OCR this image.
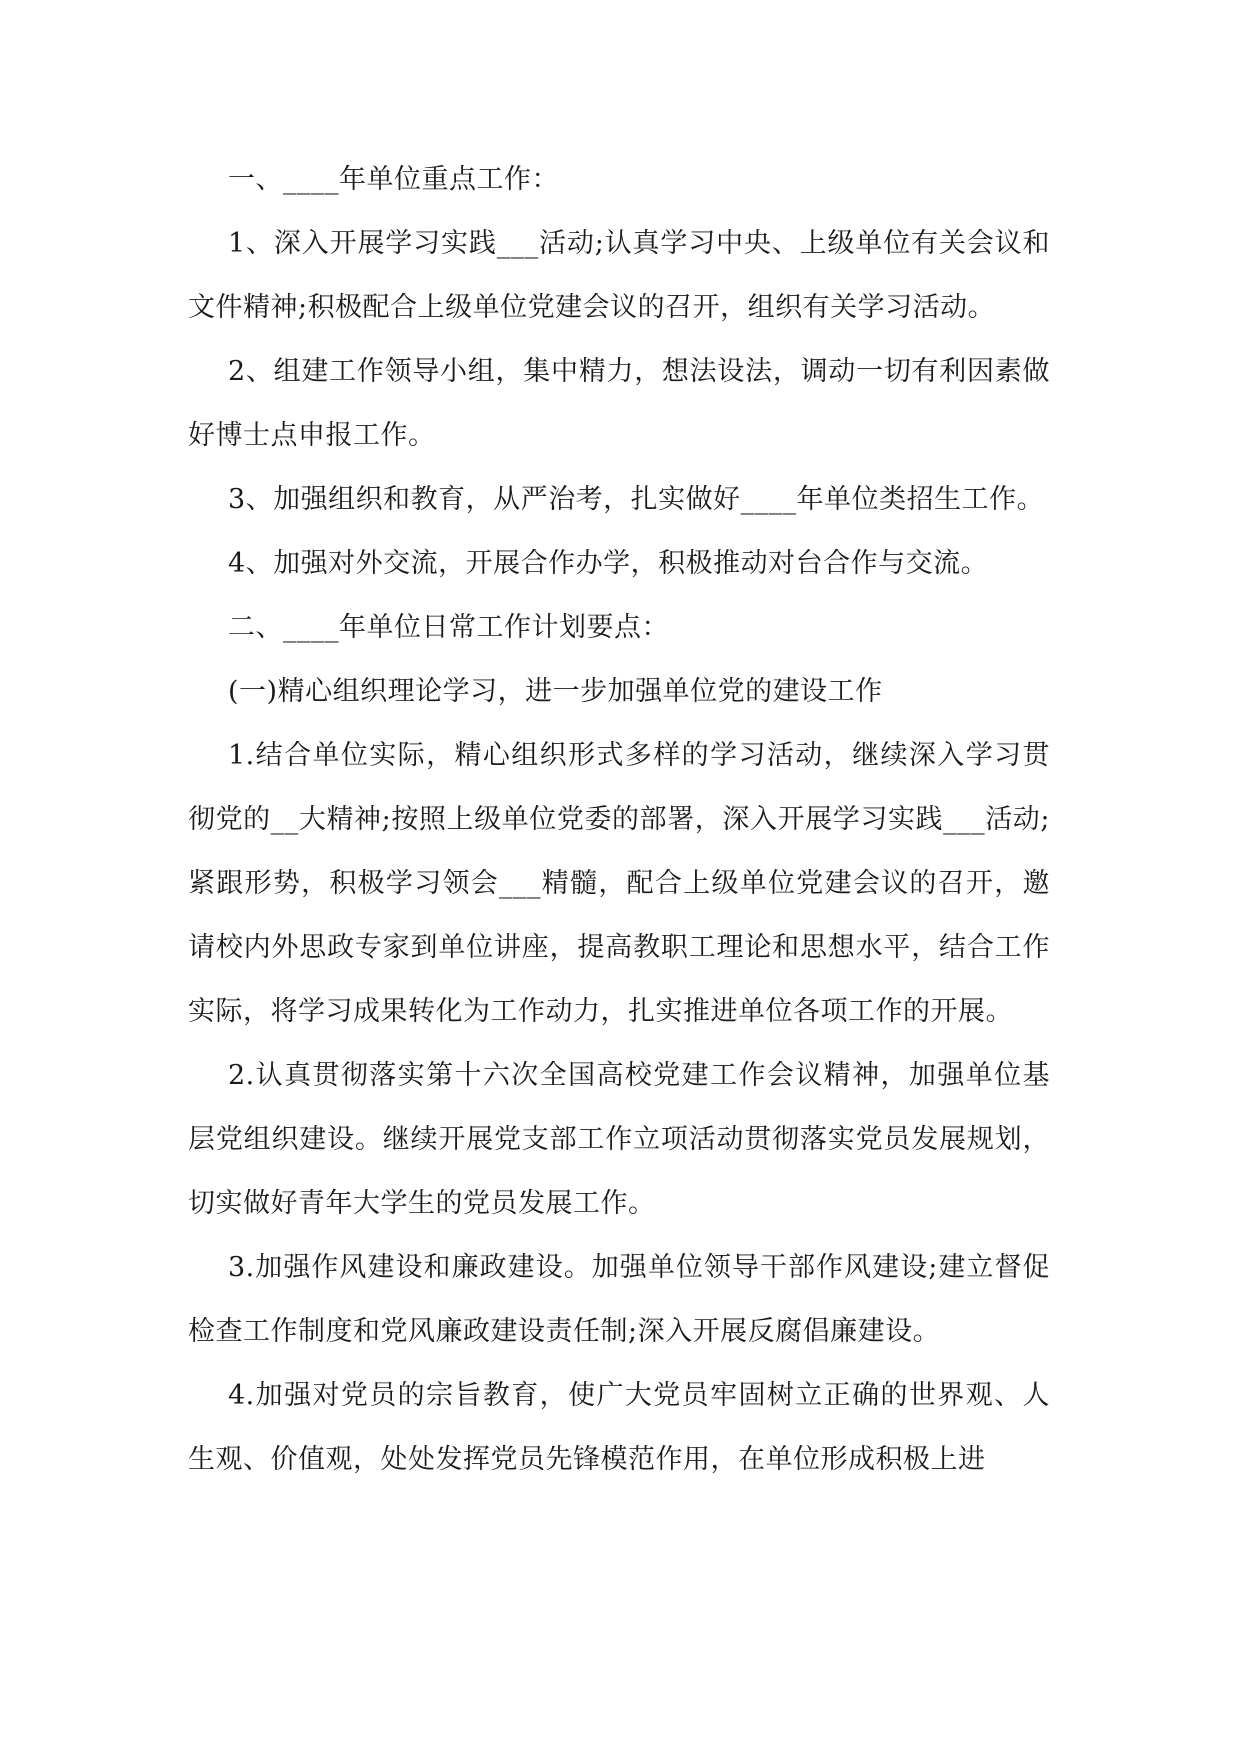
一、____年单位重点工作：

1、深入开展学习实践___活动;认真学习中央、上级单位有关会议和文件精神;积极配合上级单位党建会议的召开，组织有关学习活动。

2、组建工作领导小组，集中精力，想法设法，调动一切有利因素做好博士点申报工作。

3、加强组织和教育，从严治考，扎实做好____年单位类招生工作。

4、加强对外交流，开展合作办学，积极推动对台合作与交流。

二、____年单位日常工作计划要点：

(一)精心组织理论学习，进一步加强单位党的建设工作

1.结合单位实际，精心组织形式多样的学习活动，继续深入学习贯彻党的__大精神;按照上级单位党委的部署，深入开展学习实践___活动;紧跟形势，积极学习领会___精髓，配合上级单位党建会议的召开，邀请校内外思政专家到单位讲座，提高教职工理论和思想水平，结合工作实际，将学习成果转化为工作动力，扎实推进单位各项工作的开展。

2.认真贯彻落实第十六次全国高校党建工作会议精神，加强单位基层党组织建设。继续开展党支部工作立项活动贯彻落实党员发展规划，切实做好青年大学生的党员发展工作。

3.加强作风建设和廉政建设。加强单位领导干部作风建设;建立督促检查工作制度和党风廉政建设责任制;深入开展反腐倡廉建设。

4.加强对党员的宗旨教育，使广大党员牢固树立正确的世界观、人生观、价值观，处处发挥党员先锋模范作用，在单位形成积极上进
